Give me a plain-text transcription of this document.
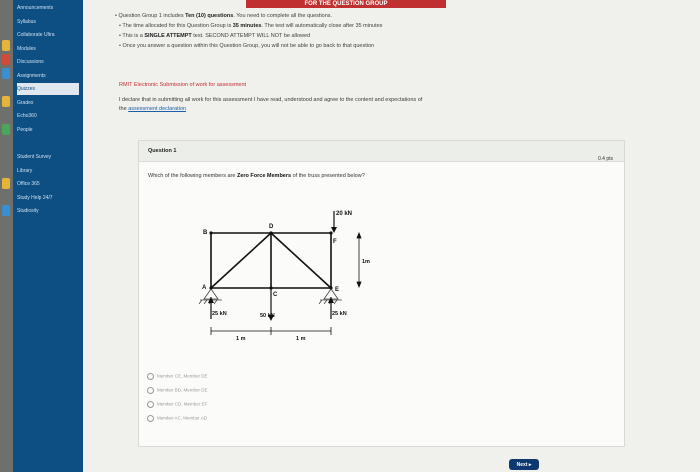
Announcements
Syllabus
Collaborate Ultra
Modules
Discussions
Assignments
Quizzes
Grades
Echo360
People
Student Survey
Library
Office 365
Study Help 24/7
Studiosity
FOR THE QUESTION GROUP
• Question Group 1 includes Ten (10) questions. You need to complete all the questions.
• The time allocated for this Question Group is 35 minutes. The test will automatically close after 35 minutes
• This is a SINGLE ATTEMPT test. SECOND ATTEMPT WILL NOT be allowed
• Once you answer a question within this Question Group, you will not be able to go back to that question
RMIT Electronic Submission of work for assessment
I declare that in submitting all work for this assessment I have read, understood and agree to the content and expectations of
the assessment declaration
Question 1
0.4 pts
Which of the following members are Zero Force Members of the truss presented below?
B
D
F
A
C
E
20 kN
25 kN	50 kN	25 kN
1 m	1 m
1m
Member CE, Member DE
Member BD, Member DE
Member CD, Member EF
Member AC, Member AD
Next ▸
